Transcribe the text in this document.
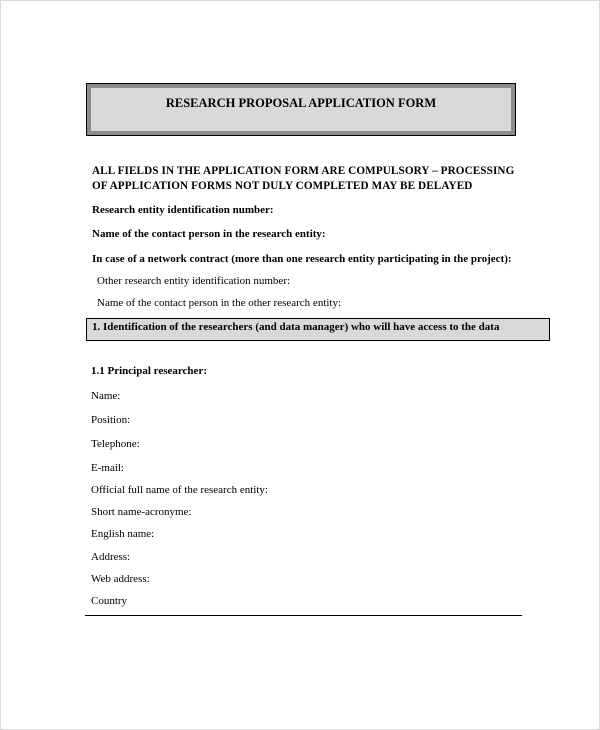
RESEARCH PROPOSAL APPLICATION FORM
ALL FIELDS IN THE APPLICATION FORM ARE COMPULSORY – PROCESSING
OF APPLICATION FORMS NOT DULY COMPLETED MAY BE DELAYED
Research entity identification number:
Name of the contact person in the research entity:
In case of a network contract (more than one research entity participating in the project):
Other research entity identification number:
Name of the contact person in the other research entity:
1. Identification of the researchers (and data manager) who will have access to the data
1.1 Principal researcher:
Name:
Position:
Telephone:
E-mail:
Official full name of the research entity:
Short name-acronyme:
English name:
Address:
Web address:
Country
